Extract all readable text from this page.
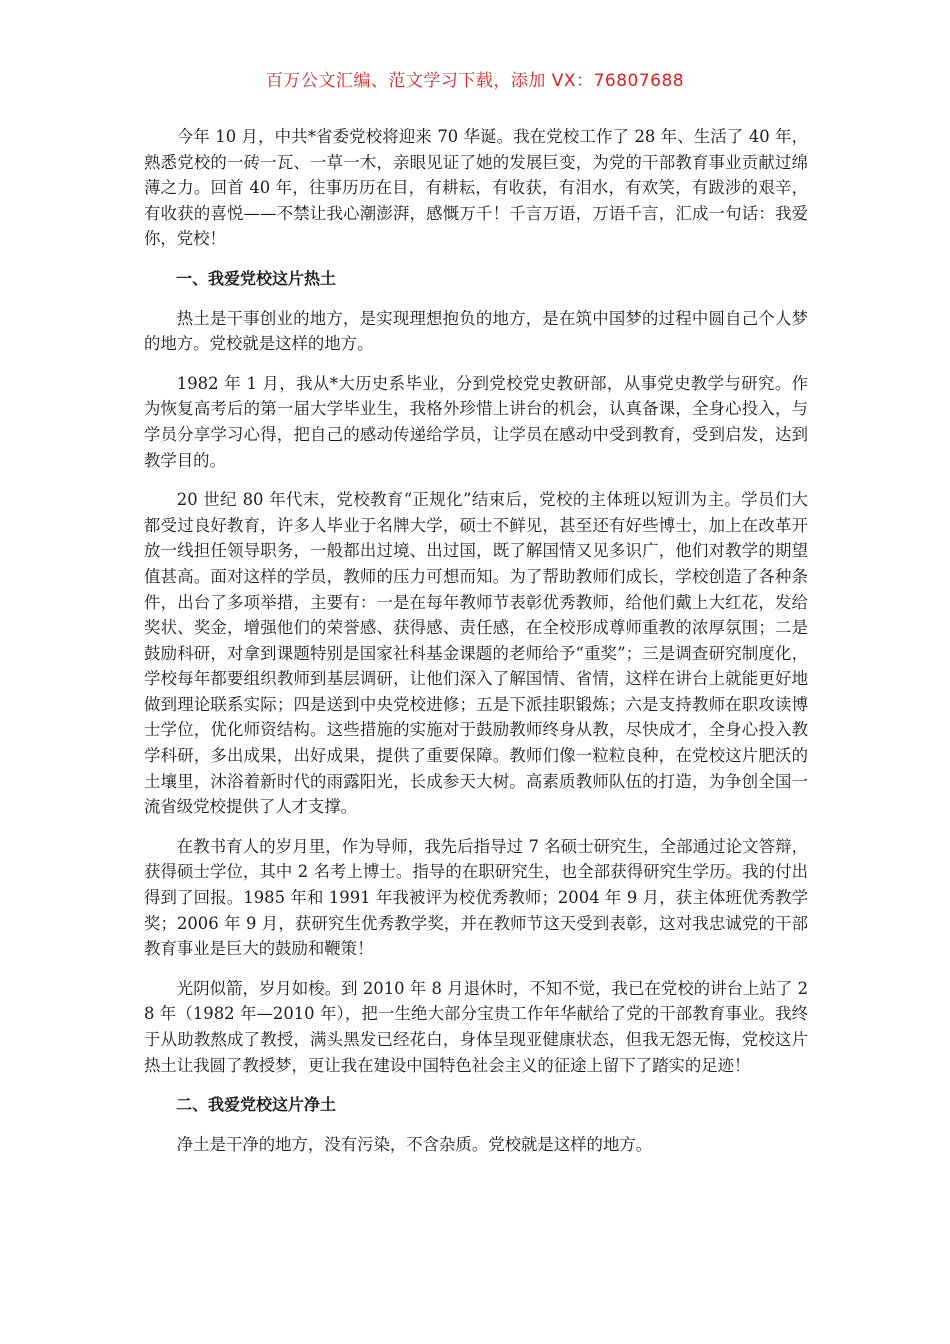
百万公文汇编、范文学习下载，添加 VX：76807688

今年 10 月，中共*省委党校将迎来 70 华诞。我在党校工作了 28 年、生活了 40 年，熟悉党校的一砖一瓦、一草一木，亲眼见证了她的发展巨变，为党的干部教育事业贡献过绵薄之力。回首 40 年，往事历历在目，有耕耘，有收获，有泪水，有欢笑，有跋涉的艰辛，有收获的喜悦——不禁让我心潮澎湃，感慨万千！千言万语，万语千言，汇成一句话：我爱你，党校！

一、我爱党校这片热土

热土是干事创业的地方，是实现理想抱负的地方，是在筑中国梦的过程中圆自己个人梦的地方。党校就是这样的地方。

1982 年 1 月，我从*大历史系毕业，分到党校党史教研部，从事党史教学与研究。作为恢复高考后的第一届大学毕业生，我格外珍惜上讲台的机会，认真备课，全身心投入，与学员分享学习心得，把自己的感动传递给学员，让学员在感动中受到教育，受到启发，达到教学目的。

20 世纪 80 年代末，党校教育“正规化”结束后，党校的主体班以短训为主。学员们大都受过良好教育，许多人毕业于名牌大学，硕士不鲜见，甚至还有好些博士，加上在改革开放一线担任领导职务，一般都出过境、出过国，既了解国情又见多识广，他们对教学的期望值甚高。面对这样的学员，教师的压力可想而知。为了帮助教师们成长，学校创造了各种条件，出台了多项举措，主要有：一是在每年教师节表彰优秀教师，给他们戴上大红花，发给奖状、奖金，增强他们的荣誉感、获得感、责任感，在全校形成尊师重教的浓厚氛围；二是鼓励科研，对拿到课题特别是国家社科基金课题的老师给予“重奖”；三是调查研究制度化，学校每年都要组织教师到基层调研，让他们深入了解国情、省情，这样在讲台上就能更好地做到理论联系实际；四是送到中央党校进修；五是下派挂职锻炼；六是支持教师在职攻读博士学位，优化师资结构。这些措施的实施对于鼓励教师终身从教，尽快成才，全身心投入教学科研，多出成果，出好成果，提供了重要保障。教师们像一粒粒良种，在党校这片肥沃的土壤里，沐浴着新时代的雨露阳光，长成参天大树。高素质教师队伍的打造，为争创全国一流省级党校提供了人才支撑。

在教书育人的岁月里，作为导师，我先后指导过 7 名硕士研究生，全部通过论文答辩，获得硕士学位，其中 2 名考上博士。指导的在职研究生，也全部获得研究生学历。我的付出得到了回报。1985 年和 1991 年我被评为校优秀教师；2004 年 9 月，获主体班优秀教学奖；2006 年 9 月，获研究生优秀教学奖，并在教师节这天受到表彰，这对我忠诚党的干部教育事业是巨大的鼓励和鞭策！

光阴似箭，岁月如梭。到 2010 年 8 月退休时，不知不觉，我已在党校的讲台上站了 28 年（1982 年—2010 年），把一生绝大部分宝贵工作年华献给了党的干部教育事业。我终于从助教熬成了教授，满头黑发已经花白，身体呈现亚健康状态，但我无怨无悔，党校这片热土让我圆了教授梦，更让我在建设中国特色社会主义的征途上留下了踏实的足迹！

二、我爱党校这片净土

净土是干净的地方，没有污染，不含杂质。党校就是这样的地方。
